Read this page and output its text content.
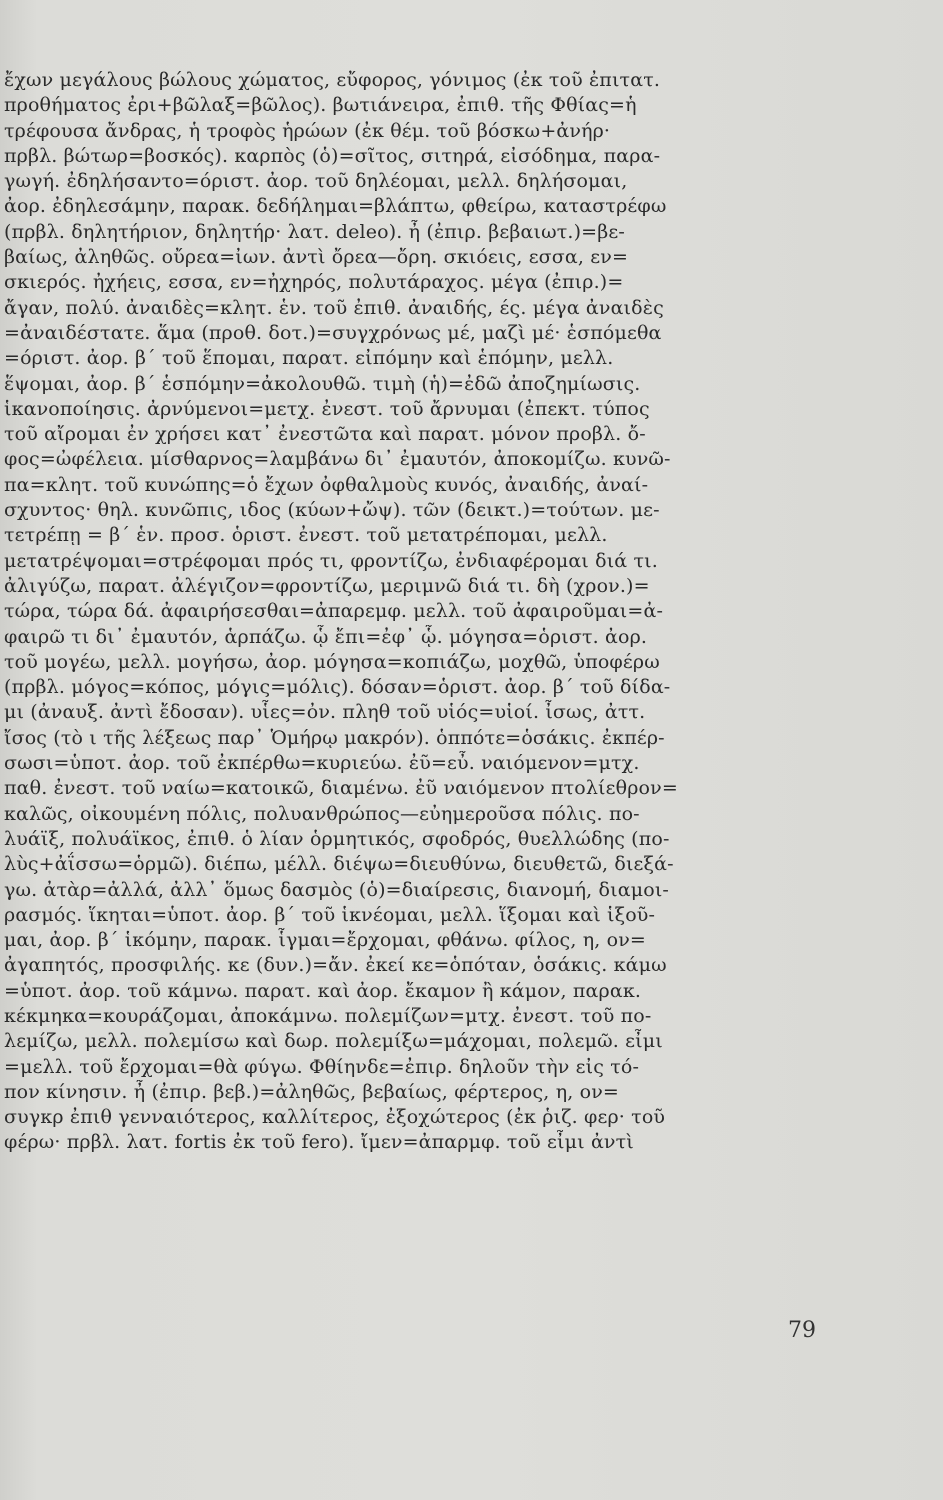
ἔχων μεγάλους βώλους χώματος, εὔφορος, γόνιμος (ἐκ τοῦ ἐπιτατ.
προθήματος ἐρι+βῶλαξ=βῶλος). βωτιάνειρα, ἐπιθ. τῆς Φθίας=ἡ
τρέφουσα ἄνδρας, ἡ τροφὸς ἡρώων (ἐκ θέμ. τοῦ βόσκω+ἀνήρ·
πρβλ. βώτωρ=βοσκός). καρπὸς (ὁ)=σῖτος, σιτηρά, εἰσόδημα, παρα-
γωγή. ἐδηλήσαντο=όριστ. ἀορ. τοῦ δηλέομαι, μελλ. δηλήσομαι,
ἀορ. ἐδηλεσάμην, παρακ. δεδήλημαι=βλάπτω, φθείρω, καταστρέφω
(πρβλ. δηλητήριον, δηλητήρ· λατ. deleo). ἦ (ἐπιρ. βεβαιωτ.)=βε-
βαίως, ἀληθῶς. οὔρεα=ἰων. ἀντὶ ὄρεα—ὄρη. σκιόεις, εσσα, εν=
σκιερός. ἠχήεις, εσσα, εν=ἠχηρός, πολυτάραχος. μέγα (ἐπιρ.)=
ἄγαν, πολύ. ἀναιδὲς=κλητ. ἑν. τοῦ ἐπιθ. ἀναιδής, ές. μέγα ἀναιδὲς
=ἀναιδέστατε. ἅμα (προθ. δοτ.)=συγχρόνως μέ, μαζὶ μέ· ἑσπόμεθα
=όριστ. ἀορ. β΄ τοῦ ἕπομαι, παρατ. εἰπόμην καὶ ἑπόμην, μελλ.
ἕψομαι, ἀορ. β΄ ἑσπόμην=ἀκολουθῶ. τιμὴ (ἡ)=ἐδῶ ἀποζημίωσις.
ἱκανοποίησις. ἀρνύμενοι=μετχ. ἐνεστ. τοῦ ἄρνυμαι (ἐπεκτ. τύπος
τοῦ αἴρομαι ἐν χρήσει κατ᾽ ἐνεστῶτα καὶ παρατ. μόνον προβλ. ὄ-
φος=ὠφέλεια. μίσθαρνος=λαμβάνω δι᾽ ἐμαυτόν, ἀποκομίζω. κυνῶ-
πα=κλητ. τοῦ κυνώπης=ὁ ἔχων ὀφθαλμοὺς κυνός, ἀναιδής, ἀναί-
σχυντος· θηλ. κυνῶπις, ιδος (κύων+ὤψ). τῶν (δεικτ.)=τούτων. με-
τετρέπῃ = β΄ ἑν. προσ. ὁριστ. ἐνεστ. τοῦ μετατρέπομαι, μελλ.
μετατρέψομαι=στρέφομαι πρός τι, φροντίζω, ἐνδιαφέρομαι διά τι.
ἀλιγύζω, παρατ. ἀλέγιζον=φροντίζω, μεριμνῶ διά τι. δὴ (χρον.)=
τώρα, τώρα δά. ἀφαιρήσεσθαι=ἀπαρεμφ. μελλ. τοῦ ἀφαιροῦμαι=ἀ-
φαιρῶ τι δι᾽ ἐμαυτόν, ἁρπάζω. ᾧ ἔπι=ἐφ᾽ ᾧ. μόγησα=ὁριστ. ἀορ.
τοῦ μογέω, μελλ. μογήσω, ἀορ. μόγησα=κοπιάζω, μοχθῶ, ὑποφέρω
(πρβλ. μόγος=κόπος, μόγις=μόλις). δόσαν=ὁριστ. ἀορ. β΄ τοῦ δίδα-
μι (ἀναυξ. ἀντὶ ἔδοσαν). υἷες=ὀν. πληθ τοῦ υἱός=υἱοί. ἶσως, ἀττ.
ἴσος (τὸ ι τῆς λέξεως παρ᾽ Ὁμήρῳ μακρόν). ὁππότε=ὁσάκις. ἐκπέρ-
σωσι=ὑποτ. ἀορ. τοῦ ἐκπέρθω=κυριεύω. ἐῦ=εὖ. ναιόμενον=μτχ.
παθ. ἐνεστ. τοῦ ναίω=κατοικῶ, διαμένω. ἐῦ ναιόμενον πτολίεθρον=
καλῶς, οἰκουμένη πόλις, πολυανθρώπος—εὐημεροῦσα πόλις. πο-
λυάϊξ, πολυάϊκος, ἐπιθ. ὁ λίαν ὁρμητικός, σφοδρός, θυελλώδης (πο-
λὺς+ἀΐσσω=ὁρμῶ). διέπω, μέλλ. διέψω=διευθύνω, διευθετῶ, διεξά-
γω. ἀτὰρ=ἀλλά, ἀλλ᾽ ὅμως δασμὸς (ὁ)=διαίρεσις, διανομή, διαμοι-
ρασμός. ἵκηται=ὑποτ. ἀορ. β΄ τοῦ ἱκνέομαι, μελλ. ἵξομαι καὶ ἱξοῦ-
μαι, ἀορ. β΄ ἱκόμην, παρακ. ἷγμαι=ἔρχομαι, φθάνω. φίλος, η, ον=
ἀγαπητός, προσφιλής. κε (δυν.)=ἄν. ἐκεί κε=ὁπόταν, ὁσάκις. κάμω
=ὑποτ. ἀορ. τοῦ κάμνω. παρατ. καὶ ἀορ. ἔκαμον ἢ κάμον, παρακ.
κέκμηκα=κουράζομαι, ἀποκάμνω. πολεμίζων=μτχ. ἐνεστ. τοῦ πο-
λεμίζω, μελλ. πολεμίσω καὶ δωρ. πολεμίξω=μάχομαι, πολεμῶ. εἶμι
=μελλ. τοῦ ἔρχομαι=θὰ φύγω. Φθίηνδε=ἐπιρ. δηλοῦν τὴν εἰς τό-
πον κίνησιν. ἦ (ἐπιρ. βεβ.)=ἀληθῶς, βεβαίως, φέρτερος, η, ον=
συγκρ ἐπιθ γενναιότερος, καλλίτερος, ἐξοχώτερος (ἐκ ῥιζ. φερ· τοῦ
φέρω· πρβλ. λατ. fortis ἐκ τοῦ fero). ἴμεν=ἀπαρμφ. τοῦ εἶμι ἀντὶ
79
